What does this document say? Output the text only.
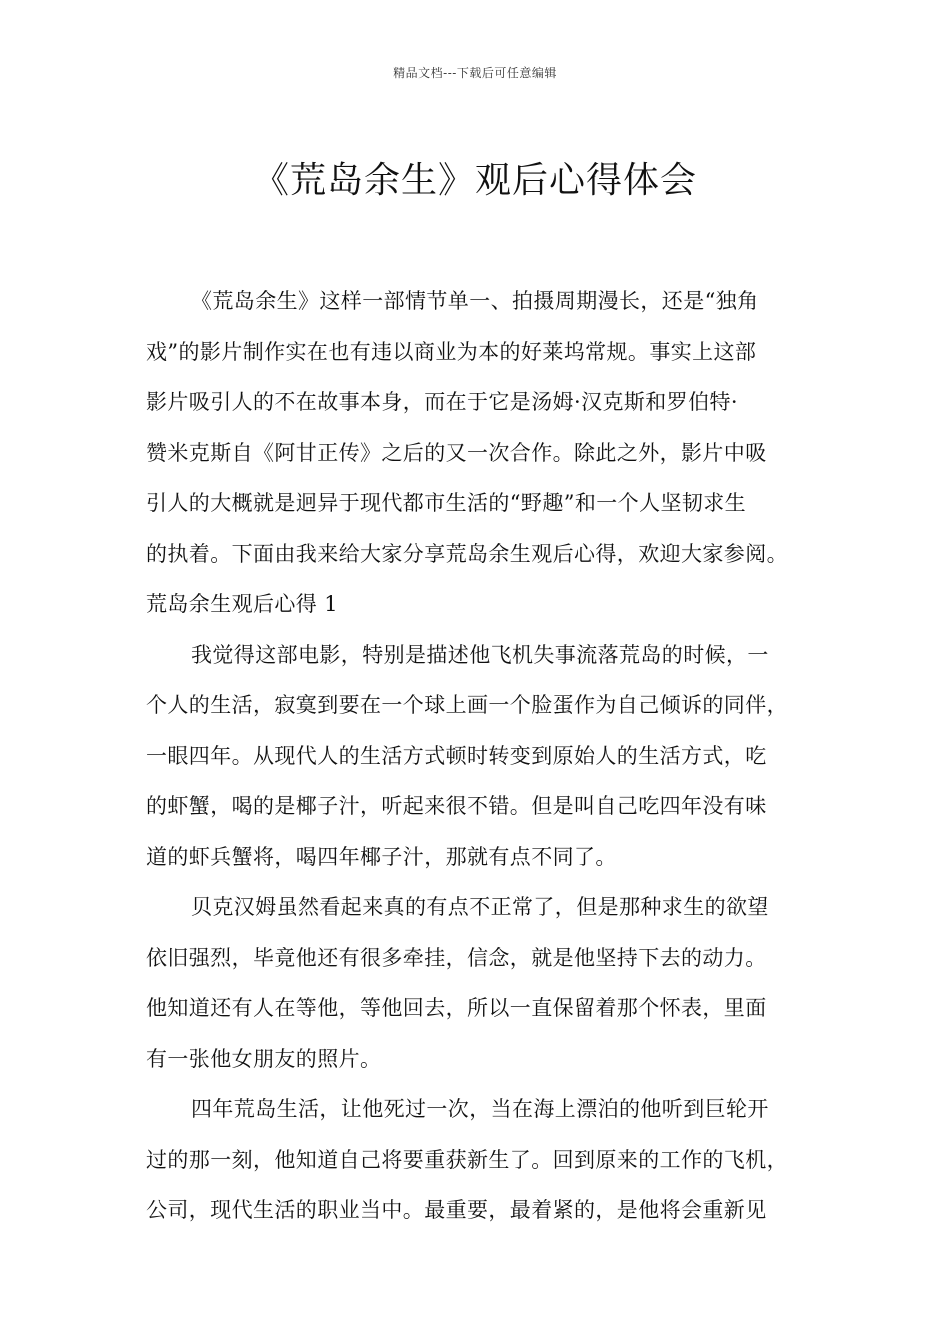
精品文档---下载后可任意编辑
《荒岛余生》观后心得体会
《荒岛余生》这样一部情节单一、拍摄周期漫长，还是“独角
戏”的影片制作实在也有违以商业为本的好莱坞常规。事实上这部
影片吸引人的不在故事本身，而在于它是汤姆·汉克斯和罗伯特·
赞米克斯自《阿甘正传》之后的又一次合作。除此之外，影片中吸
引人的大概就是迥异于现代都市生活的“野趣”和一个人坚韧求生
的执着。下面由我来给大家分享荒岛余生观后心得，欢迎大家参阅。
荒岛余生观后心得 1
我觉得这部电影，特别是描述他飞机失事流落荒岛的时候，一
个人的生活，寂寞到要在一个球上画一个脸蛋作为自己倾诉的同伴，
一眼四年。从现代人的生活方式顿时转变到原始人的生活方式，吃
的虾蟹，喝的是椰子汁，听起来很不错。但是叫自己吃四年没有味
道的虾兵蟹将，喝四年椰子汁，那就有点不同了。
贝克汉姆虽然看起来真的有点不正常了，但是那种求生的欲望
依旧强烈，毕竟他还有很多牵挂，信念，就是他坚持下去的动力。
他知道还有人在等他，等他回去，所以一直保留着那个怀表，里面
有一张他女朋友的照片。
四年荒岛生活，让他死过一次，当在海上漂泊的他听到巨轮开
过的那一刻，他知道自己将要重获新生了。回到原来的工作的飞机，
公司，现代生活的职业当中。最重要，最着紧的，是他将会重新见
